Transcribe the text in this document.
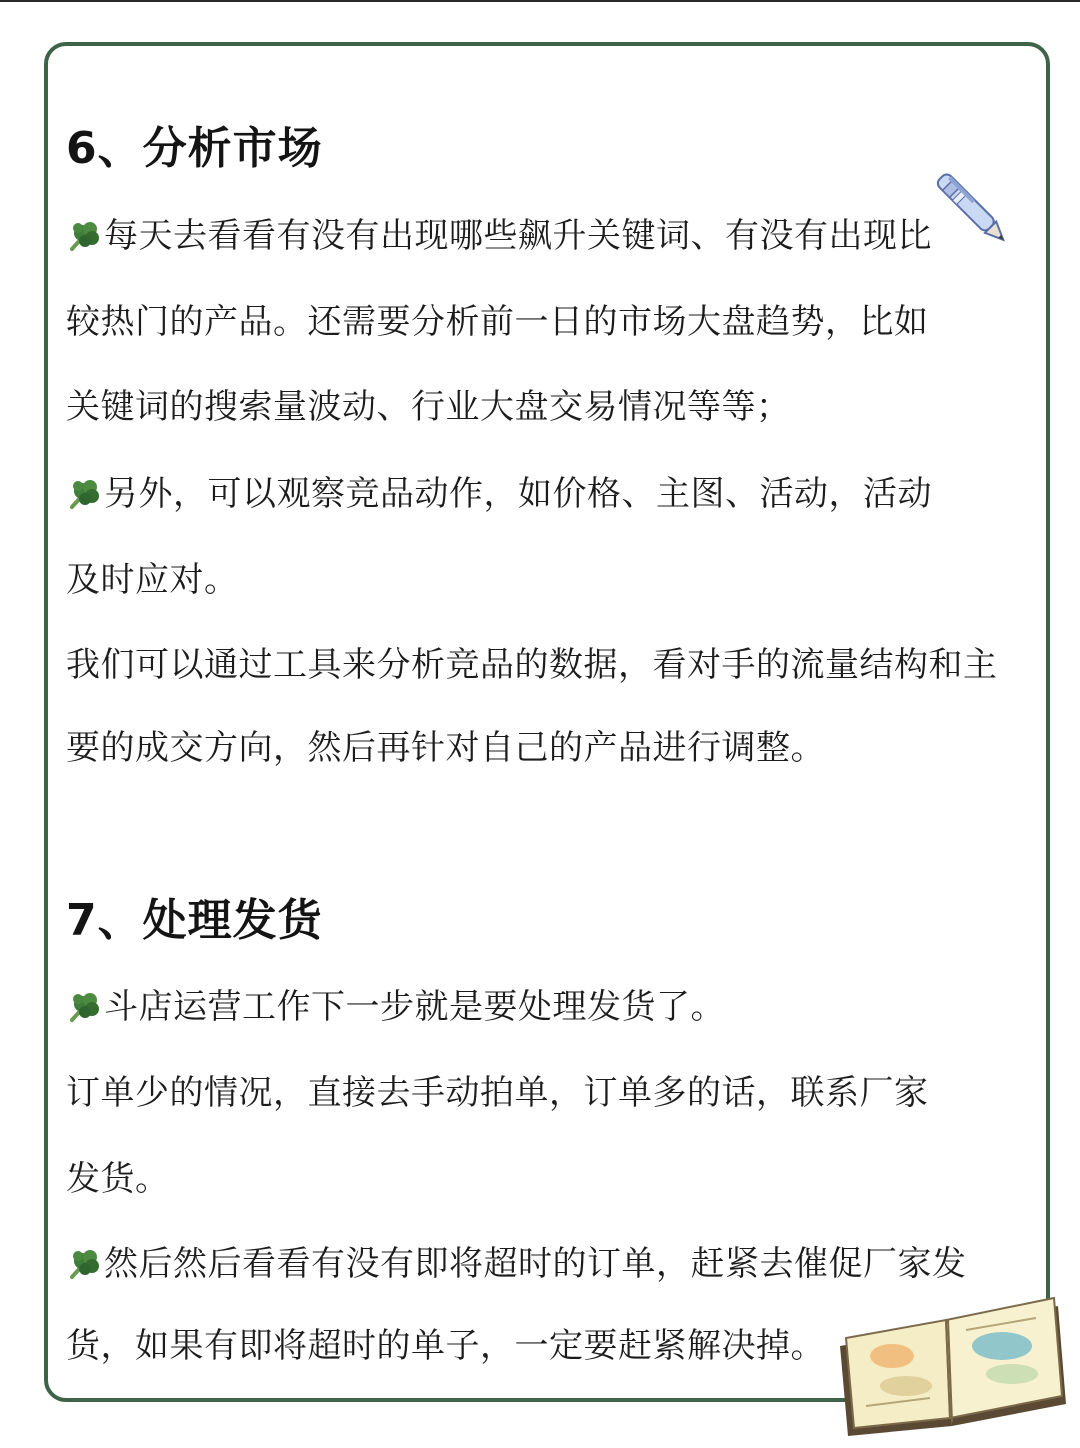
6、分析市场
每天去看看有没有出现哪些飙升关键词、有没有出现比
较热门的产品。还需要分析前一日的市场大盘趋势，比如
关键词的搜索量波动、行业大盘交易情况等等；
另外，可以观察竞品动作，如价格、主图、活动，活动
及时应对。
我们可以通过工具来分析竞品的数据，看对手的流量结构和主
要的成交方向，然后再针对自己的产品进行调整。
7、处理发货
斗店运营工作下一步就是要处理发货了。
订单少的情况，直接去手动拍单，订单多的话，联系厂家
发货。
然后然后看看有没有即将超时的订单，赶紧去催促厂家发
货，如果有即将超时的单子，一定要赶紧解决掉。
